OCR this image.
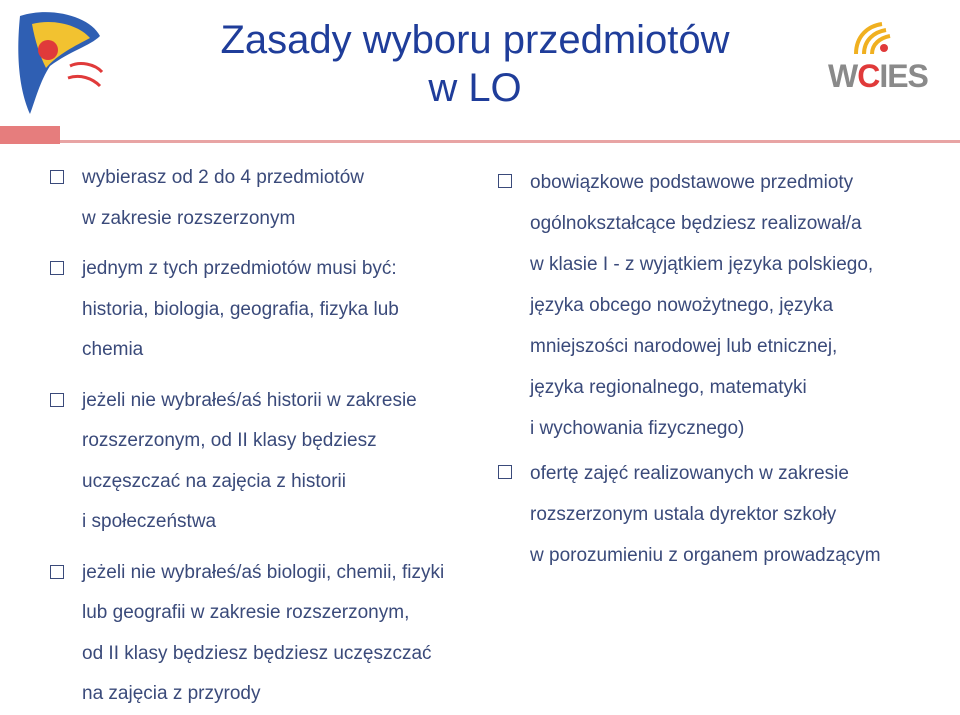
Zasady wyboru przedmiotów
w LO	WCIES
wybierasz od 2 do 4 przedmiotów
w zakresie rozszerzonym
jednym z tych przedmiotów musi być:
historia, biologia, geografia, fizyka lub
chemia
jeżeli nie wybrałeś/aś historii w zakresie
rozszerzonym, od II klasy będziesz
uczęszczać na zajęcia z historii
i społeczeństwa
jeżeli nie wybrałeś/aś biologii, chemii, fizyki
lub geografii w zakresie rozszerzonym,
od II klasy będziesz będziesz uczęszczać
na zajęcia z przyrody
obowiązkowe podstawowe przedmioty
ogólnokształcące będziesz realizował/a
w klasie I - z wyjątkiem języka polskiego,
języka obcego nowożytnego, języka
mniejszości narodowej lub etnicznej,
języka regionalnego, matematyki
i wychowania fizycznego)
ofertę zajęć realizowanych w zakresie
rozszerzonym ustala dyrektor szkoły
w porozumieniu z organem prowadzącym
